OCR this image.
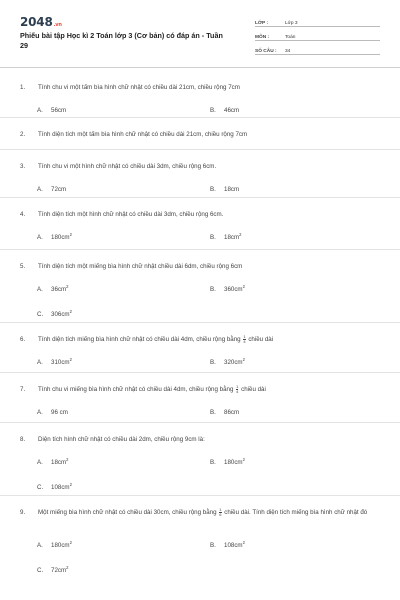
2048.vn
Phiếu bài tập Học kì 2 Toán lớp 3 (Cơ bản) có đáp án - Tuần 29
LỚP :	Lớp 3
MÔN :	Toán
SỐ CÂU :	34
1. Tính chu vi một tấm bìa hình chữ nhật có chiều dài 21cm, chiều rộng 7cm
A. 56cm	B. 46cm
2. Tính diện tích một tấm bìa hình chữ nhật có chiều dài 21cm, chiều rộng 7cm
3. Tính chu vi một hình chữ nhật có chiều dài 3dm, chiều rộng 6cm.
A. 72cm	B. 18cm
4. Tính diện tích một hình chữ nhật có chiều dài 3dm, chiều rộng 6cm.
A. $180cm^2$	B. $18cm^2$
5. Tính diện tích một miếng bìa hình chữ nhật chiều dài 6dm, chiều rộng 6cm
A. $36cm^2$	B. $360cm^2$
C. $306cm^2$
6. Tính diện tích miếng bìa hình chữ nhật có chiều dài 4dm, chiều rộng bằng $\frac{1}{4}$ chiều dài
A. $310cm^2$	B. $320cm^2$
7. Tính chu vi miếng bìa hình chữ nhật có chiều dài 4dm, chiều rộng bằng $\frac{1}{4}$ chiều dài
A. 96 cm	B. 86cm
8. Diện tích hình chữ nhật có chiều dài 2dm, chiều rộng 9cm là:
A. $18cm^2$	B. $180cm^2$
C. $108cm^2$
9. Một miếng bìa hình chữ nhật có chiều dài 30cm, chiều rộng bằng $\frac{1}{6}$ chiều dài. Tính diện tích miếng bìa hình chữ nhật đó
A. $180cm^2$	B. $108cm^2$
C. $72cm^2$
